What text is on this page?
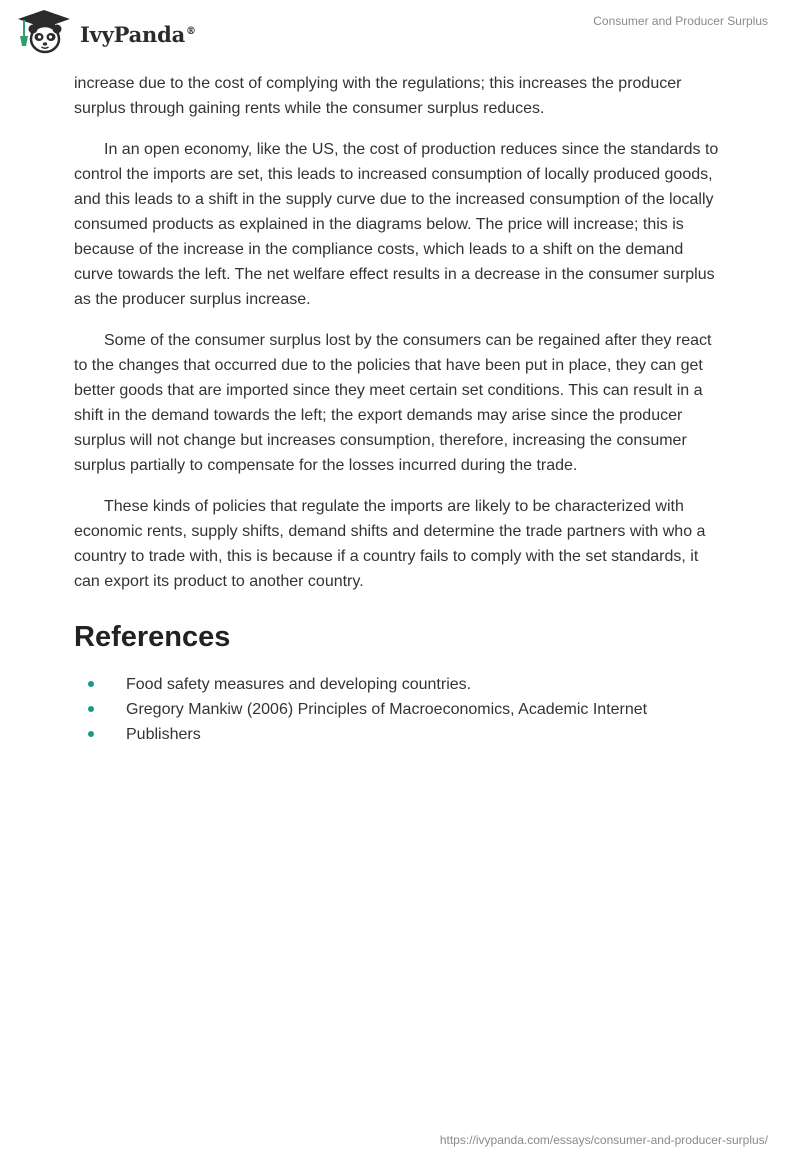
IvyPanda®
Consumer and Producer Surplus

increase due to the cost of complying with the regulations; this increases the producer surplus through gaining rents while the consumer surplus reduces.

In an open economy, like the US, the cost of production reduces since the standards to control the imports are set, this leads to increased consumption of locally produced goods, and this leads to a shift in the supply curve due to the increased consumption of the locally consumed products as explained in the diagrams below. The price will increase; this is because of the increase in the compliance costs, which leads to a shift on the demand curve towards the left. The net welfare effect results in a decrease in the consumer surplus as the producer surplus increase.

Some of the consumer surplus lost by the consumers can be regained after they react to the changes that occurred due to the policies that have been put in place, they can get better goods that are imported since they meet certain set conditions. This can result in a shift in the demand towards the left; the export demands may arise since the producer surplus will not change but increases consumption, therefore, increasing the consumer surplus partially to compensate for the losses incurred during the trade.

These kinds of policies that regulate the imports are likely to be characterized with economic rents, supply shifts, demand shifts and determine the trade partners with who a country to trade with, this is because if a country fails to comply with the set standards, it can export its product to another country.

References
Food safety measures and developing countries.
Gregory Mankiw (2006) Principles of Macroeconomics, Academic Internet
Publishers
https://ivypanda.com/essays/consumer-and-producer-surplus/
